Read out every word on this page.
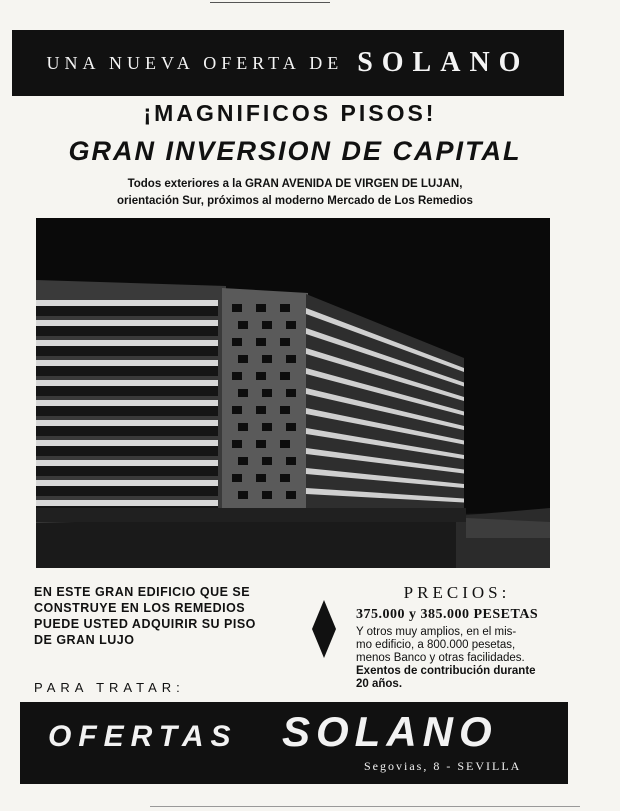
UNA NUEVA OFERTA DE SOLANO
¡MAGNIFICOS PISOS!
GRAN INVERSION DE CAPITAL
Todos exteriores a la GRAN AVENIDA DE VIRGEN DE LUJAN,
orientación Sur, próximos al moderno Mercado de Los Remedios
EN ESTE GRAN EDIFICIO QUE SE
CONSTRUYE EN LOS REMEDIOS
PUEDE USTED ADQUIRIR SU PISO
DE GRAN LUJO
PRECIOS:
375.000 y 385.000 PESETAS
Y otros muy amplios, en el mis-
mo edificio, a 800.000 pesetas,
menos Banco y otras facilidades.
Exentos de contribución durante
20 años.
PARA TRATAR:
OFERTAS SOLANO
Segovias, 8 - SEVILLA
